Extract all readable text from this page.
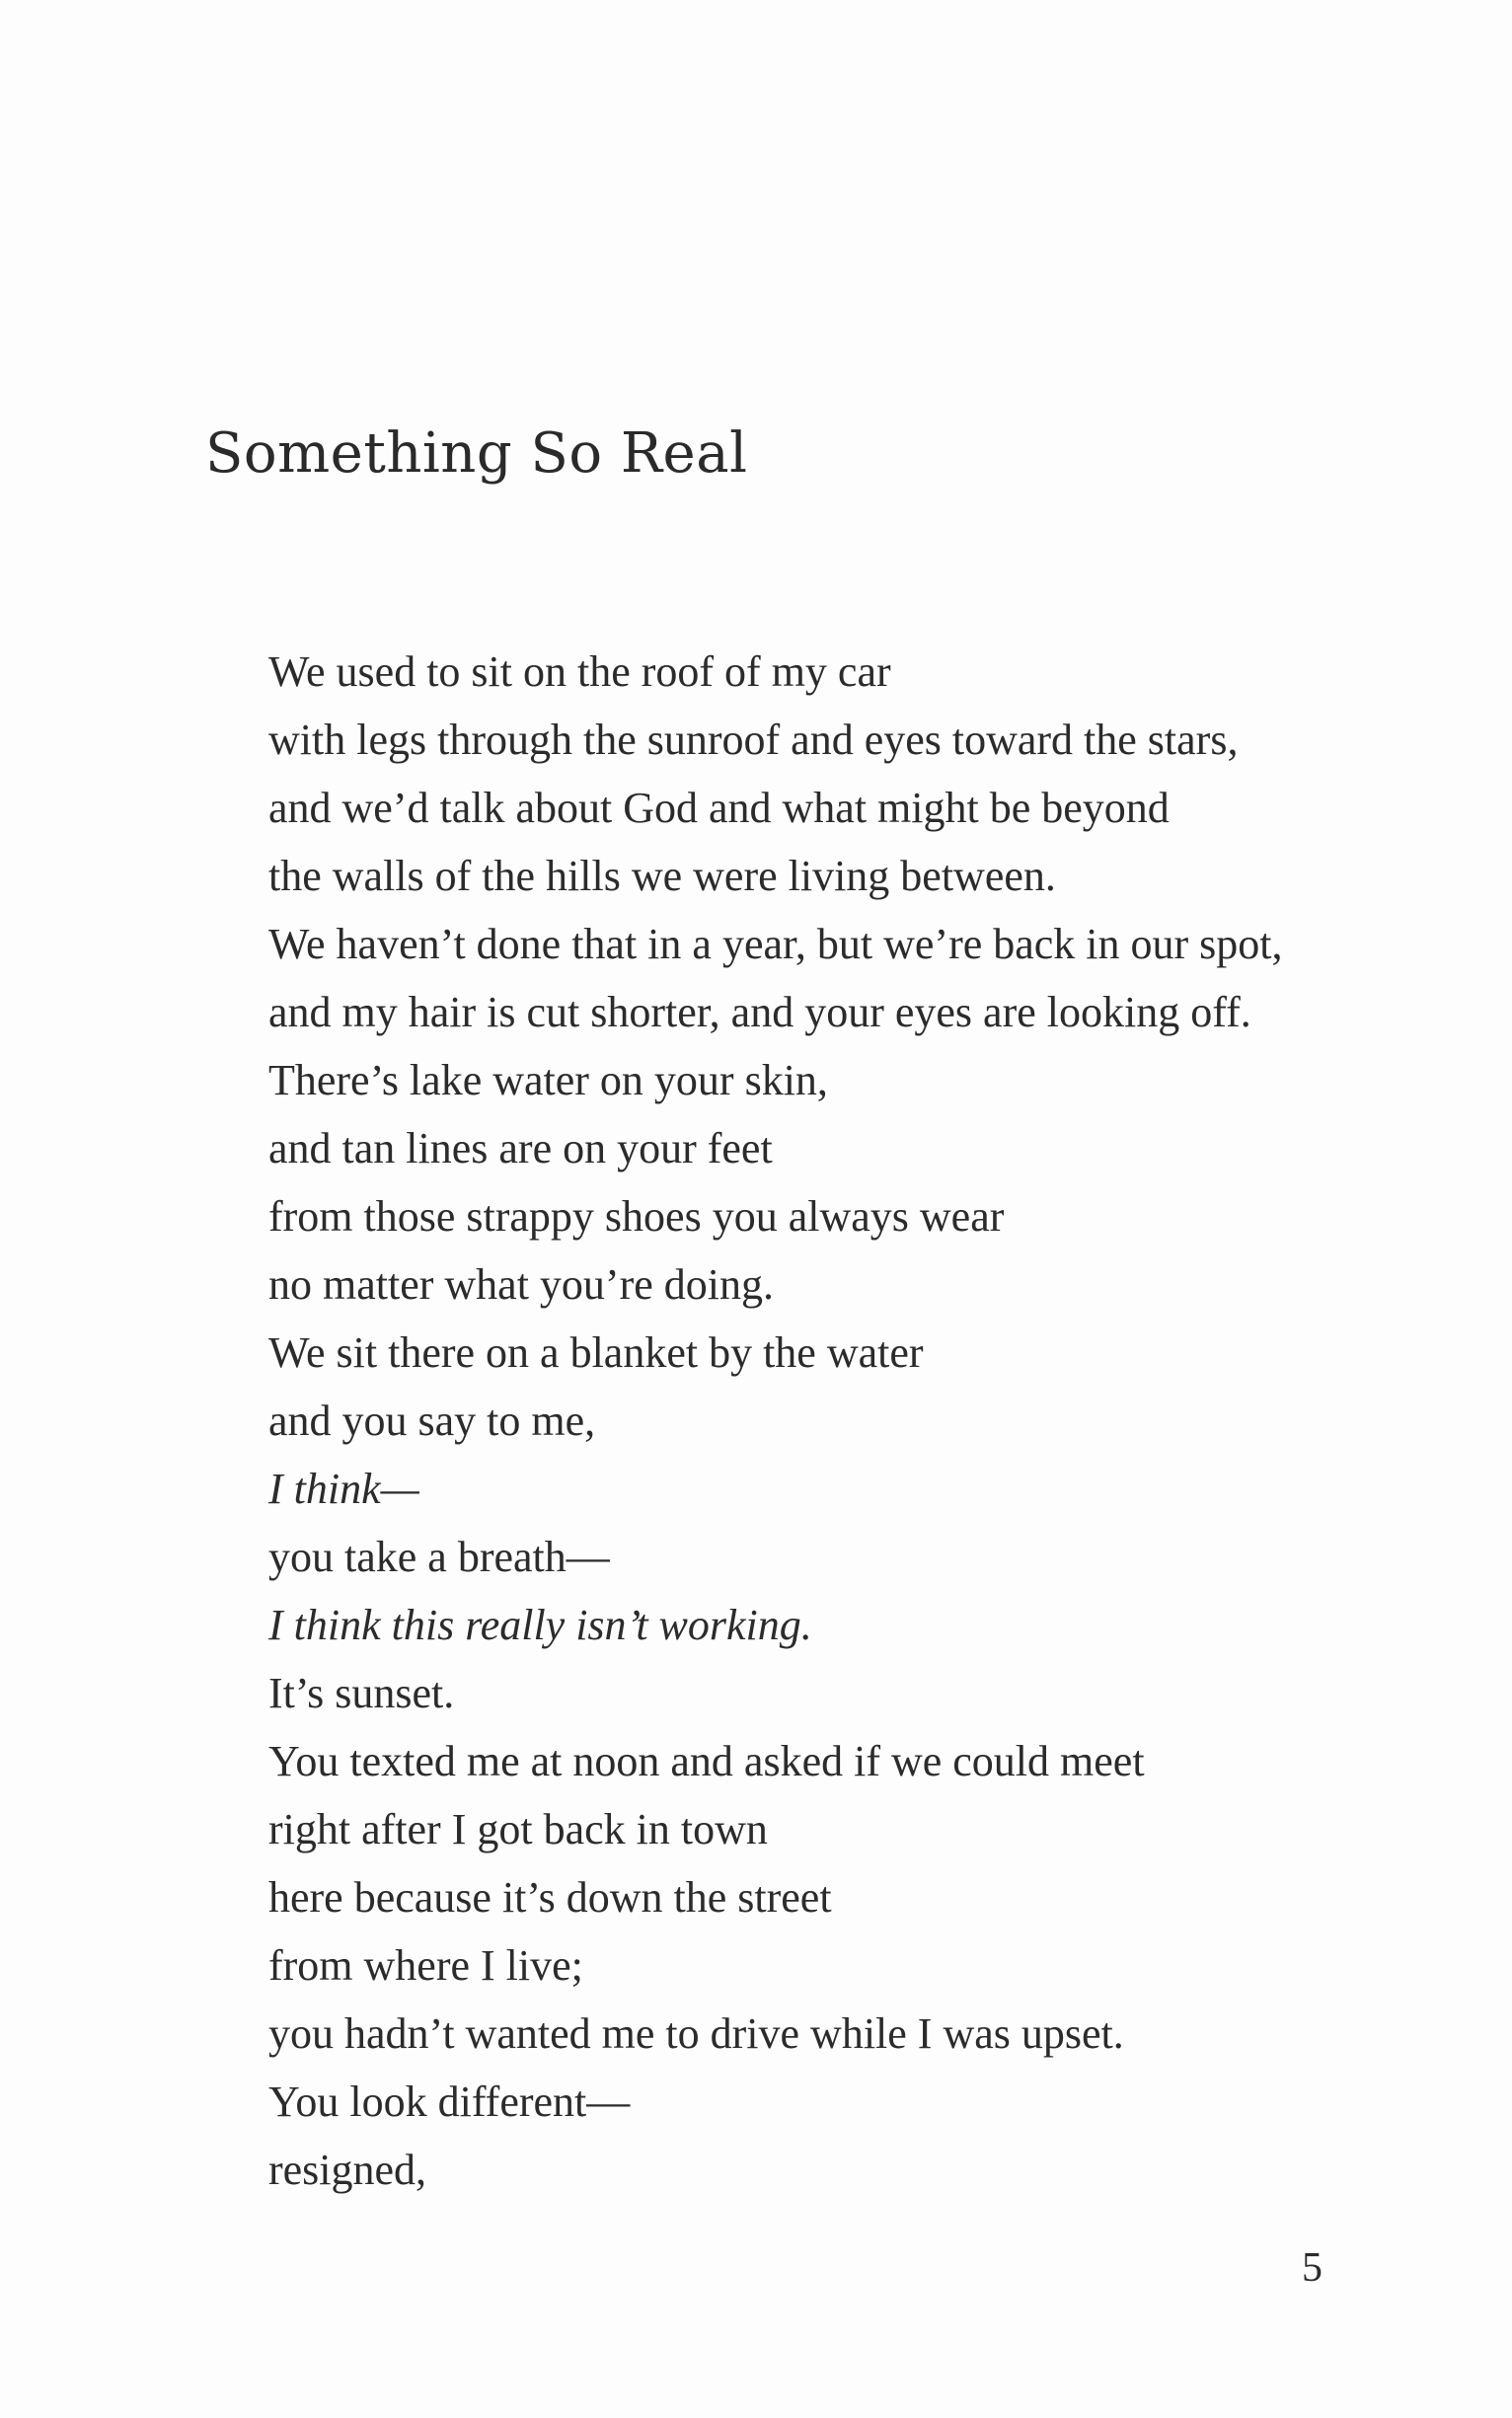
Something So Real
We used to sit on the roof of my car
with legs through the sunroof and eyes toward the stars,
and we’d talk about God and what might be beyond
the walls of the hills we were living between.
We haven’t done that in a year, but we’re back in our spot,
and my hair is cut shorter, and your eyes are looking off.
There’s lake water on your skin,
and tan lines are on your feet
from those strappy shoes you always wear
no matter what you’re doing.
We sit there on a blanket by the water
and you say to me,
I think—
you take a breath—
I think this really isn’t working.
It’s sunset.
You texted me at noon and asked if we could meet
right after I got back in town
here because it’s down the street
from where I live;
you hadn’t wanted me to drive while I was upset.
You look different—
resigned,
5
